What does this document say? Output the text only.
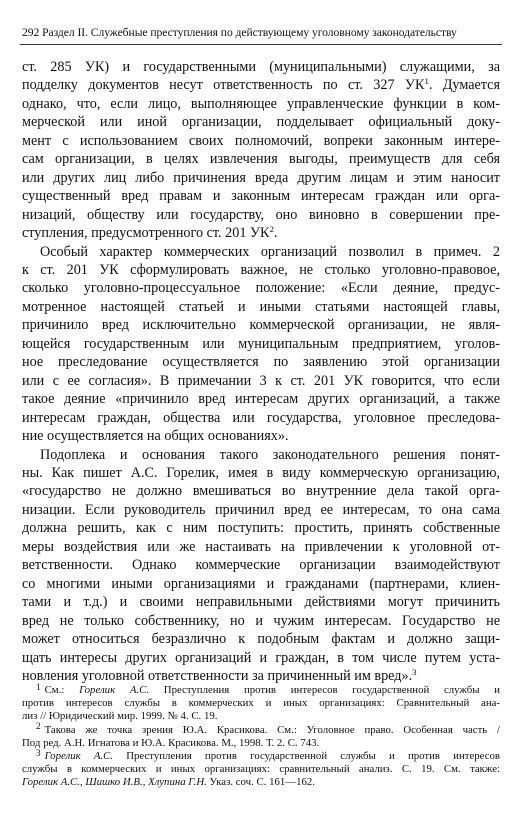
292 Раздел II. Служебные преступления по действующему уголовному законодательству

ст. 285 УК) и государственными (муниципальными) служащими, за
подделку документов несут ответственность по ст. 327 $УК^1$. Думается
однако, что, если лицо, выполняющее управленческие функции в ком-
мерческой или иной организации, подделывает официальный доку-
мент с использованием своих полномочий, вопреки законным интере-
сам организации, в целях извлечения выгоды, преимуществ для себя
или других лиц либо причинения вреда другим лицам и этим наносит
существенный вред правам и законным интересам граждан или орга-
низаций, обществу или государству, оно виновно в совершении пре-
ступления, предусмотренного ст. 201 $УК^2$.

Особый характер коммерческих организаций позволил в примеч. 2
к ст. 201 УК сформулировать важное, не столько уголовно-правовое,
сколько уголовно-процессуальное положение: «Если деяние, предус-
мотренное настоящей статьей и иными статьями настоящей главы,
причинило вред исключительно коммерческой организации, не явля-
ющейся государственным или муниципальным предприятием, уголов-
ное преследование осуществляется по заявлению этой организации
или с ее согласия». В примечании 3 к ст. 201 УК говорится, что если
такое деяние «причинило вред интересам других организаций, а также
интересам граждан, общества или государства, уголовное преследова-
ние осуществляется на общих основаниях».

Подоплека и основания такого законодательного решения понят-
ны. Как пишет А.С. Горелик, имея в виду коммерческую организацию,
«государство не должно вмешиваться во внутренние дела такой орга-
низации. Если руководитель причинил вред ее интересам, то она сама
должна решить, как с ним поступить: простить, принять собственные
меры воздействия или же настаивать на привлечении к уголовной от-
ветственности. Однако коммерческие организации взаимодействуют
со многими иными организациями и гражданами (партнерами, клиен-
тами и т.д.) и своими неправильными действиями могут причинить
вред не только собственнику, но и чужим интересам. Государство не
может относиться безразлично к подобным фактам и должно защи-
щать интересы других организаций и граждан, в том числе путем уста-
новления уголовной ответственности за причиненный им вред».$^3$

$^1$ См.: Горелик А.С. Преступления против интересов государственной службы и
против интересов службы в коммерческих и иных организациях: Сравнительный ана-
лиз // Юридический мир. 1999. № 4. С. 19.
$^2$ Такова же точка зрения Ю.А. Красикова. См.: Уголовное право. Особенная часть /
Под ред. А.Н. Игнатова и Ю.А. Красикова. М., 1998. Т. 2. С. 743.
$^3$ Горелик А.С. Преступления против государственной службы и против интересов
службы в коммерческих и иных организациях: сравнительный анализ. С. 19. См. также:
Горелик А.С., Шишко И.В., Хлупина Г.Н. Указ. соч. С. 161—162.
